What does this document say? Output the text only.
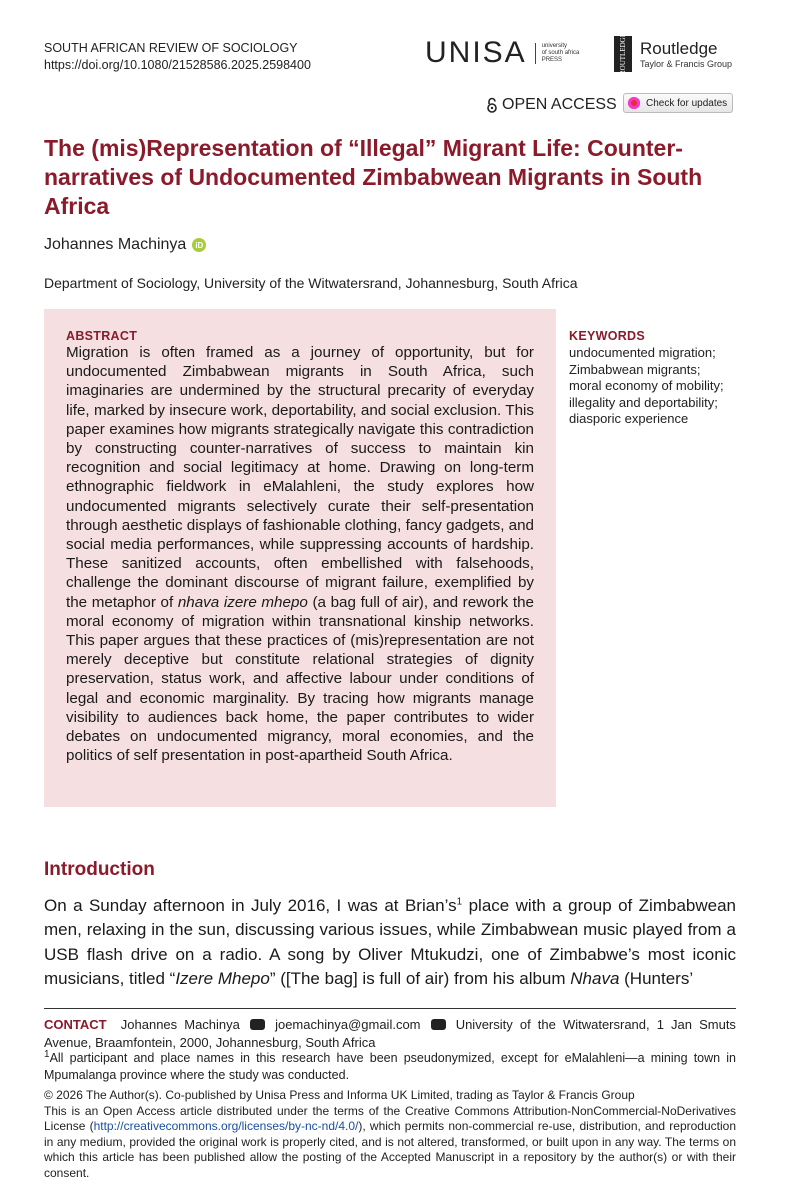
SOUTH AFRICAN REVIEW OF SOCIOLOGY
https://doi.org/10.1080/21528586.2025.2598400	UNISA	university
of south africa
PRESS	ROUTLEDGE Routledge
Taylor & Francis Group
OPEN ACCESS	Check for updates
The (mis)Representation of “Illegal” Migrant Life: Counter-narratives of Undocumented Zimbabwean Migrants in South Africa
Johannes Machinya	iD
Department of Sociology, University of the Witwatersrand, Johannesburg, South Africa
ABSTRACT
Migration is often framed as a journey of opportunity, but for undocumented Zimbabwean migrants in South Africa, such imaginaries are undermined by the structural precarity of everyday life, marked by insecure work, deportability, and social exclusion. This paper examines how migrants strategically navigate this contradiction by constructing counter-narratives of success to maintain kin recognition and social legitimacy at home. Drawing on long-term ethnographic fieldwork in eMalahleni, the study explores how undocumented migrants selectively curate their self-presentation through aesthetic displays of fashionable clothing, fancy gadgets, and social media performances, while suppressing accounts of hardship. These sanitized accounts, often embellished with falsehoods, challenge the dominant discourse of migrant failure, exemplified by the metaphor of nhava izere mhepo (a bag full of air), and rework the moral economy of migration within transnational kinship networks. This paper argues that these practices of (mis)representation are not merely deceptive but constitute relational strategies of dignity preservation, status work, and affective labour under conditions of legal and economic marginality. By tracing how migrants manage visibility to audiences back home, the paper contributes to wider debates on undocumented migrancy, moral economies, and the politics of self presentation in post-apartheid South Africa.
KEYWORDS
undocumented migration;
Zimbabwean migrants;
moral economy of mobility;
illegality and deportability;
diasporic experience
Introduction
On a Sunday afternoon in July 2016, I was at $Brian’s^1$ place with a group of Zimbabwean men, relaxing in the sun, discussing various issues, while Zimbabwean music played from a USB flash drive on a radio. A song by Oliver Mtukudzi, one of Zimbabwe’s most iconic musicians, titled “Izere Mhepo” ([The bag] is full of air) from his album Nhava (Hunters’
CONTACT Johannes Machinya	joemachinya@gmail.com	University of the Witwatersrand, 1 Jan Smuts Avenue, Braamfontein, 2000, Johannesburg, South Africa
$^1$All participant and place names in this research have been pseudonymized, except for eMalahleni—a mining town in Mpumalanga province where the study was conducted.
© 2026 The Author(s). Co-published by Unisa Press and Informa UK Limited, trading as Taylor & Francis Group
This is an Open Access article distributed under the terms of the Creative Commons Attribution-NonCommercial-NoDerivatives License (http://creativecommons.org/licenses/by-nc-nd/4.0/), which permits non-commercial re-use, distribution, and reproduction in any medium, provided the original work is properly cited, and is not altered, transformed, or built upon in any way. The terms on which this article has been published allow the posting of the Accepted Manuscript in a repository by the author(s) or with their consent.
